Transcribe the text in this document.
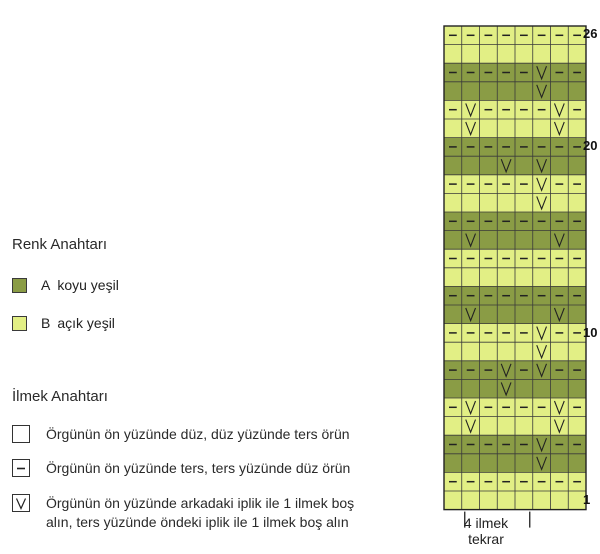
Renk Anahtarı
A koyu yeşil
B açık yeşil
İlmek Anahtarı
Örgünün ön yüzünde düz, düz yüzünde ters örün
Örgünün ön yüzünde ters, ters yüzünde düz örün
Örgünün ön yüzünde arkadaki iplik ile 1 ilmek boş
alın, ters yüzünde öndeki iplik ile 1 ilmek boş alın
26
20
10
1
4 ilmek tekrar
